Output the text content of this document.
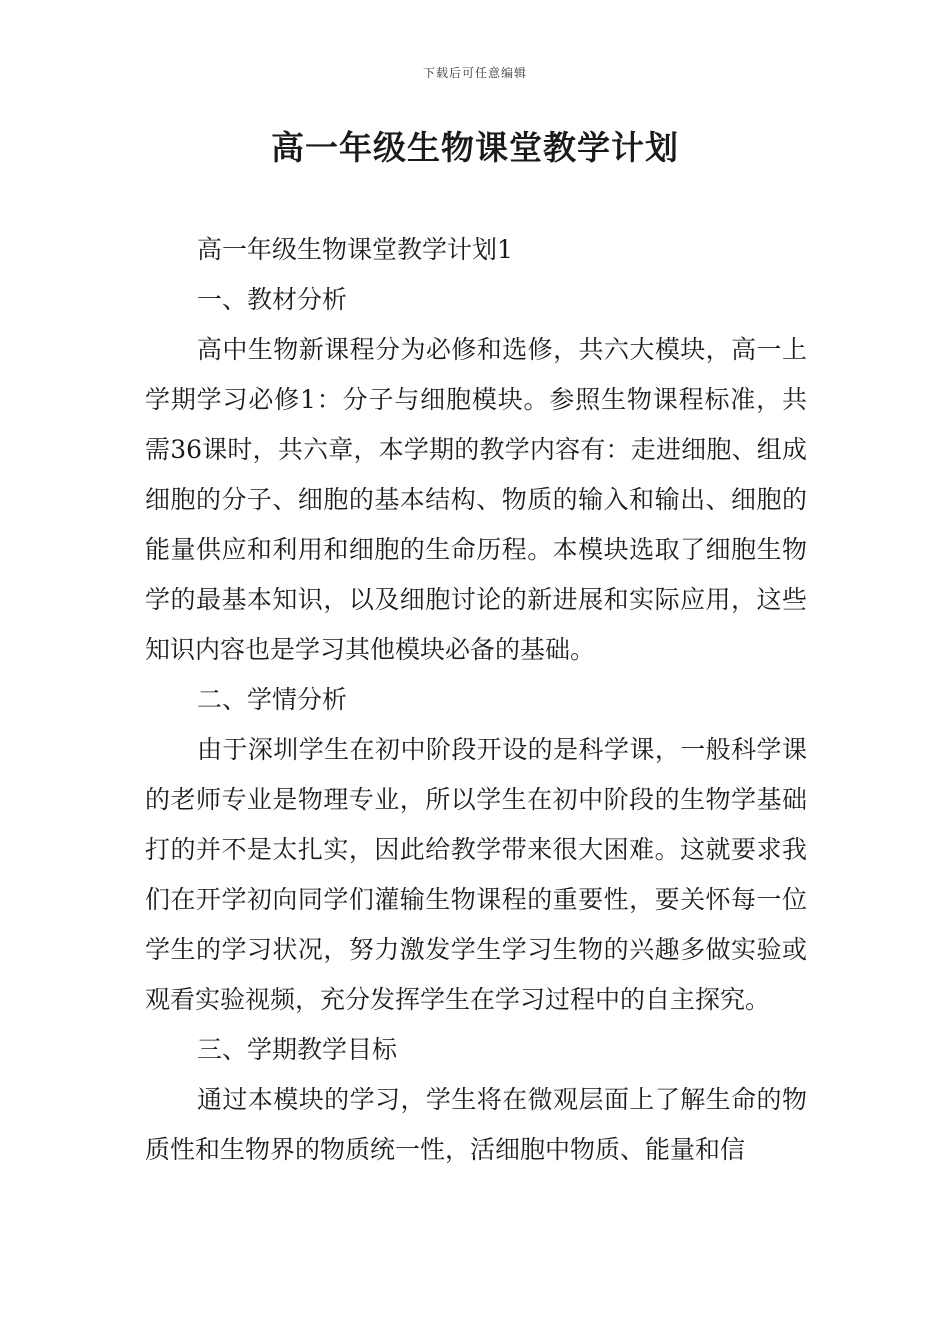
下载后可任意编辑
高一年级生物课堂教学计划

高一年级生物课堂教学计划1

一、教材分析

高中生物新课程分为必修和选修，共六大模块，高一上学期学习必修1：分子与细胞模块。参照生物课程标准，共需36课时，共六章，本学期的教学内容有：走进细胞、组成细胞的分子、细胞的基本结构、物质的输入和输出、细胞的能量供应和利用和细胞的生命历程。本模块选取了细胞生物学的最基本知识，以及细胞讨论的新进展和实际应用，这些知识内容也是学习其他模块必备的基础。

二、学情分析

由于深圳学生在初中阶段开设的是科学课，一般科学课的老师专业是物理专业，所以学生在初中阶段的生物学基础打的并不是太扎实，因此给教学带来很大困难。这就要求我们在开学初向同学们灌输生物课程的重要性，要关怀每一位学生的学习状况，努力激发学生学习生物的兴趣多做实验或观看实验视频，充分发挥学生在学习过程中的自主探究。

三、学期教学目标

通过本模块的学习，学生将在微观层面上了解生命的物质性和生物界的物质统一性，活细胞中物质、能量和信
